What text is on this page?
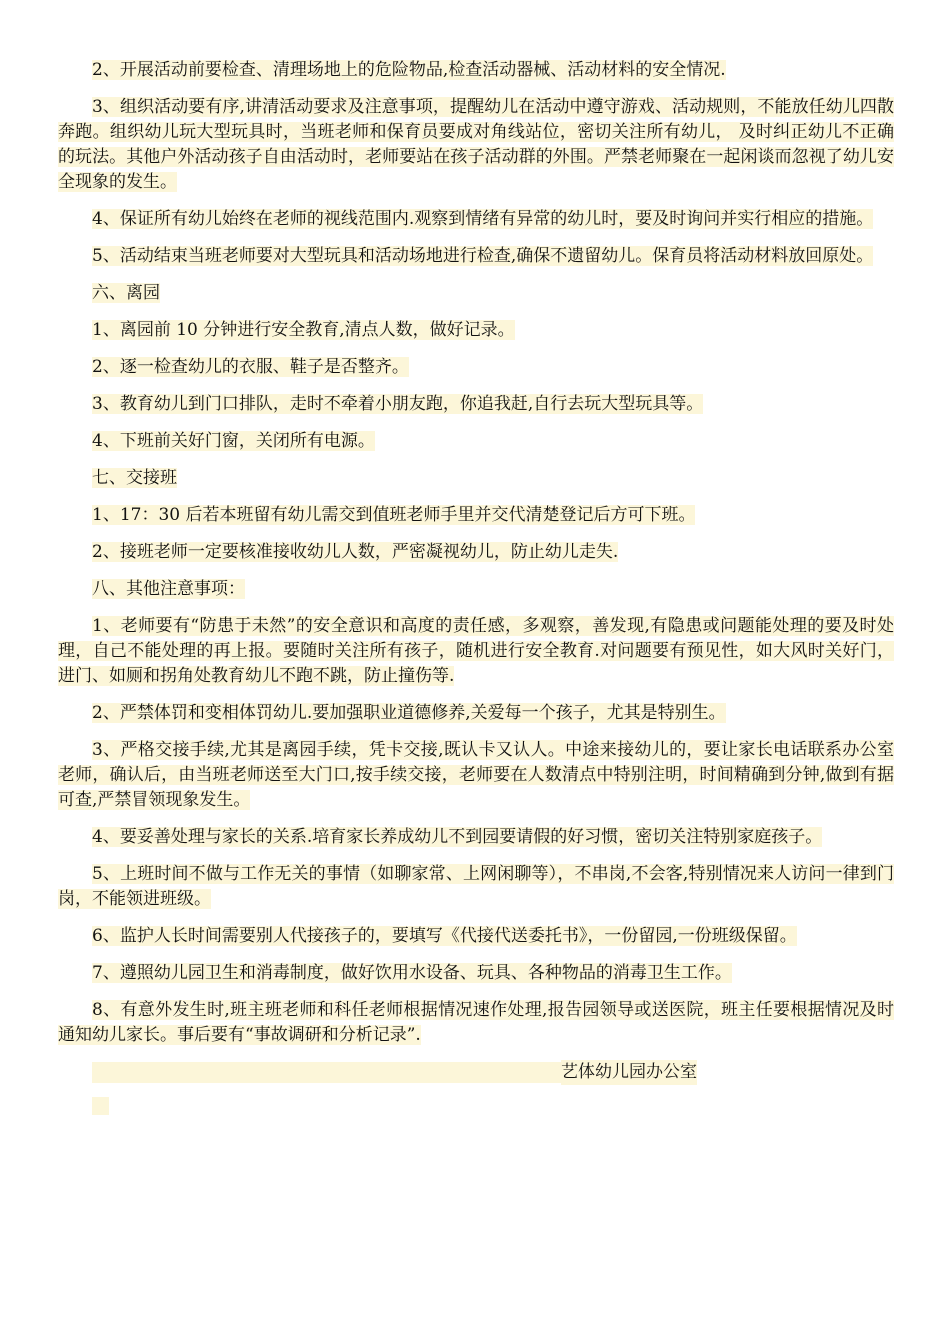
2、开展活动前要检查、清理场地上的危险物品,检查活动器械、活动材料的安全情况.

3、组织活动要有序,讲清活动要求及注意事项，提醒幼儿在活动中遵守游戏、活动规则，不能放任幼儿四散奔跑。组织幼儿玩大型玩具时，当班老师和保育员要成对角线站位，密切关注所有幼儿， 及时纠正幼儿不正确的玩法。其他户外活动孩子自由活动时，老师要站在孩子活动群的外围。严禁老师聚在一起闲谈而忽视了幼儿安全现象的发生。

4、保证所有幼儿始终在老师的视线范围内.观察到情绪有异常的幼儿时，要及时询问并实行相应的措施。

5、活动结束当班老师要对大型玩具和活动场地进行检查,确保不遗留幼儿。保育员将活动材料放回原处。

六、离园

1、离园前 10 分钟进行安全教育,清点人数，做好记录。

2、逐一检查幼儿的衣服、鞋子是否整齐。

3、教育幼儿到门口排队，走时不牵着小朋友跑，你追我赶,自行去玩大型玩具等。

4、下班前关好门窗，关闭所有电源。

七、交接班

1、17：30 后若本班留有幼儿需交到值班老师手里并交代清楚登记后方可下班。

2、接班老师一定要核准接收幼儿人数，严密凝视幼儿，防止幼儿走失.

八、其他注意事项：

1、老师要有“防患于未然”的安全意识和高度的责任感，多观察，善发现,有隐患或问题能处理的要及时处理，自己不能处理的再上报。要随时关注所有孩子，随机进行安全教育.对问题要有预见性，如大风时关好门，进门、如厕和拐角处教育幼儿不跑不跳，防止撞伤等.

2、严禁体罚和变相体罚幼儿.要加强职业道德修养,关爱每一个孩子，尤其是特别生。

3、严格交接手续,尤其是离园手续，凭卡交接,既认卡又认人。中途来接幼儿的，要让家长电话联系办公室老师，确认后，由当班老师送至大门口,按手续交接，老师要在人数清点中特别注明，时间精确到分钟,做到有据可查,严禁冒领现象发生。

4、要妥善处理与家长的关系.培育家长养成幼儿不到园要请假的好习惯，密切关注特别家庭孩子。

5、上班时间不做与工作无关的事情（如聊家常、上网闲聊等），不串岗,不会客,特别情况来人访问一律到门岗，不能领进班级。

6、监护人长时间需要别人代接孩子的，要填写《代接代送委托书》，一份留园,一份班级保留。

7、遵照幼儿园卫生和消毒制度，做好饮用水设备、玩具、各种物品的消毒卫生工作。

8、有意外发生时,班主班老师和科任老师根据情况速作处理,报告园领导或送医院，班主任要根据情况及时通知幼儿家长。事后要有“事故调研和分析记录”.

艺体幼儿园办公室
